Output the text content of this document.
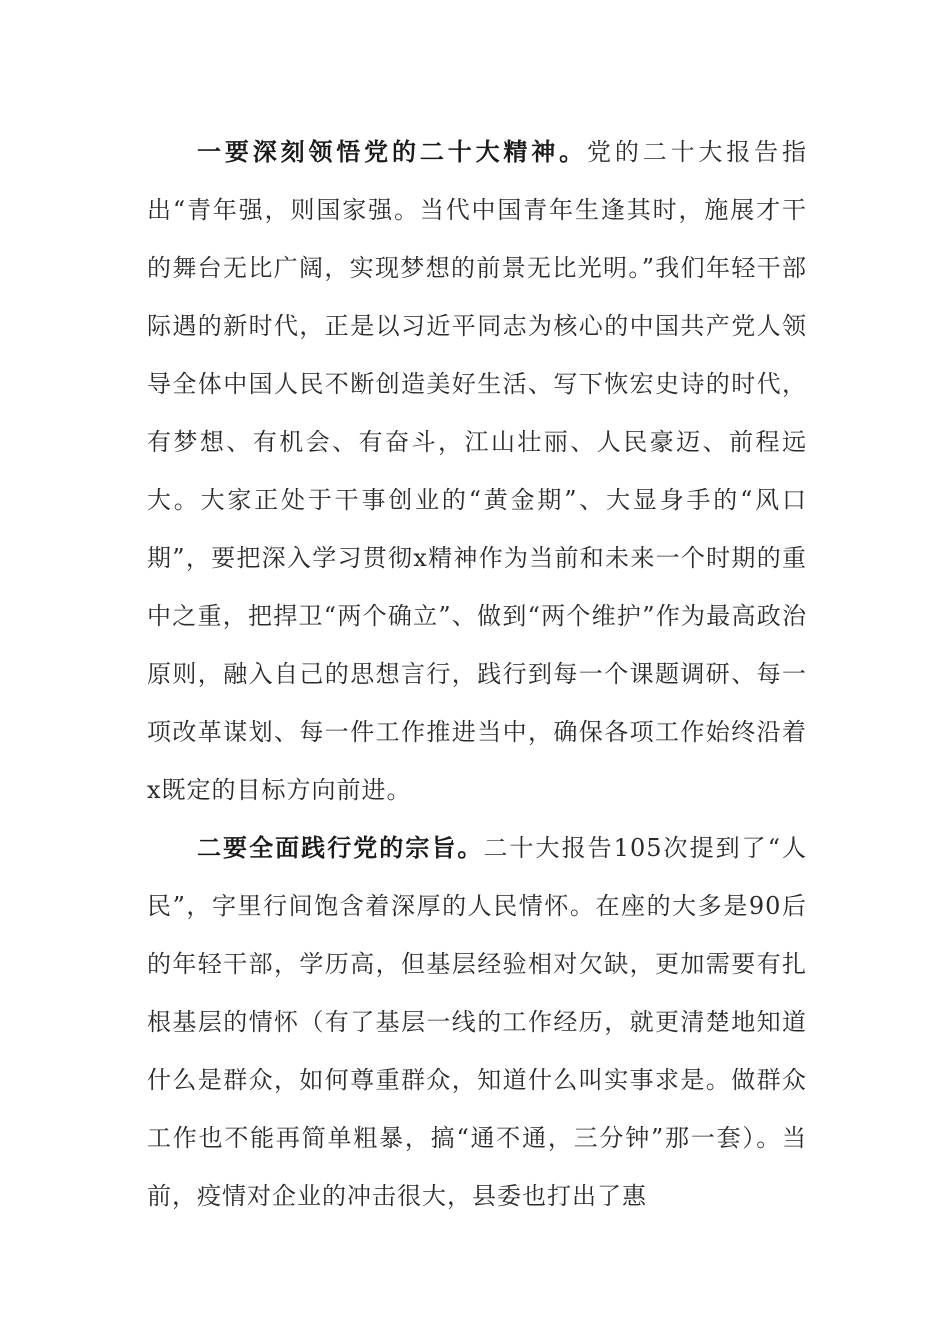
一要深刻领悟党的二十大精神。党的二十大报告指出“青年强，则国家强。当代中国青年生逢其时，施展才干的舞台无比广阔，实现梦想的前景无比光明。”我们年轻干部际遇的新时代，正是以习近平同志为核心的中国共产党人领导全体中国人民不断创造美好生活、写下恢宏史诗的时代，有梦想、有机会、有奋斗，江山壮丽、人民豪迈、前程远大。大家正处于干事创业的“黄金期”、大显身手的“风口期”，要把深入学习贯彻x精神作为当前和未来一个时期的重中之重，把捍卫“两个确立”、做到“两个维护”作为最高政治原则，融入自己的思想言行，践行到每一个课题调研、每一项改革谋划、每一件工作推进当中，确保各项工作始终沿着x既定的目标方向前进。

二要全面践行党的宗旨。二十大报告105次提到了“人民”，字里行间饱含着深厚的人民情怀。在座的大多是90后的年轻干部，学历高，但基层经验相对欠缺，更加需要有扎根基层的情怀（有了基层一线的工作经历，就更清楚地知道什么是群众，如何尊重群众，知道什么叫实事求是。做群众工作也不能再简单粗暴，搞“通不通，三分钟”那一套）。当前，疫情对企业的冲击很大，县委也打出了惠
